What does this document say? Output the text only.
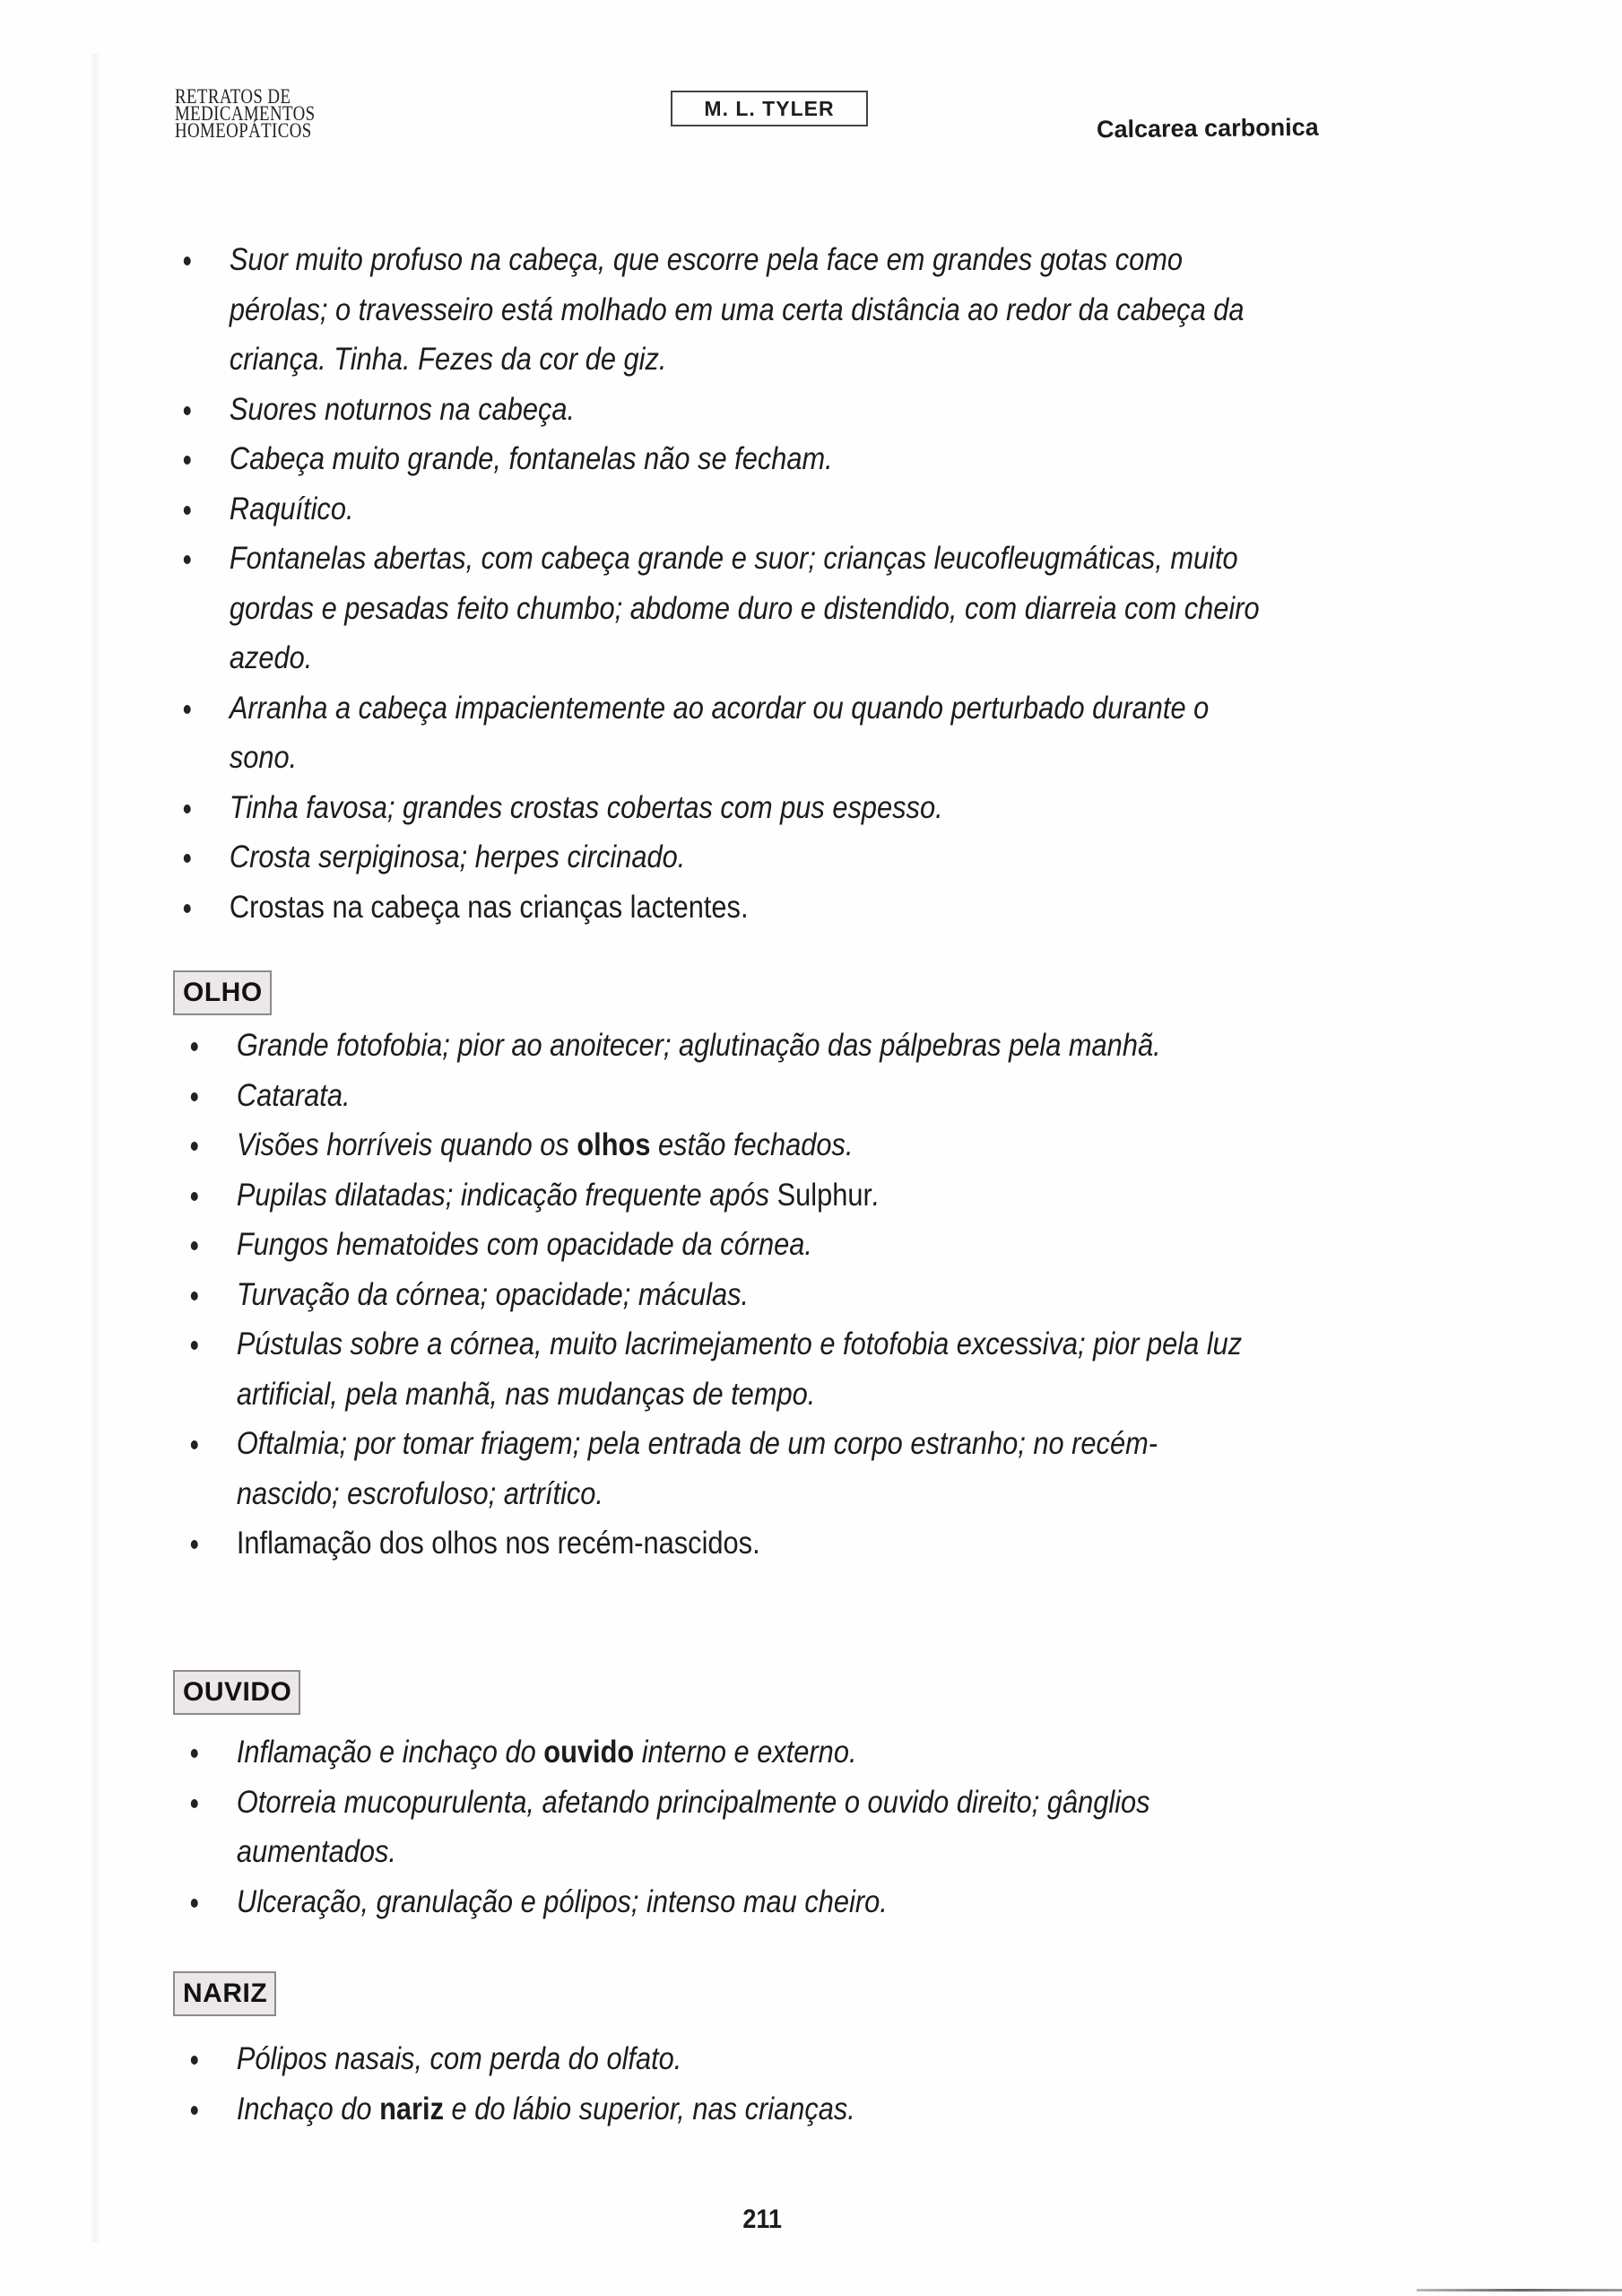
RETRATOS DE
MEDICAMENTOS
HOMEOPÁTICOS
M. L. TYLER
Calcarea carbonica
Suor muito profuso na cabeça, que escorre pela face em grandes gotas como pérolas; o travesseiro está molhado em uma certa distância ao redor da cabeça da criança. Tinha. Fezes da cor de giz.
Suores noturnos na cabeça.
Cabeça muito grande, fontanelas não se fecham.
Raquítico.
Fontanelas abertas, com cabeça grande e suor; crianças leucofleugmáticas, muito gordas e pesadas feito chumbo; abdome duro e distendido, com diarreia com cheiro azedo.
Arranha a cabeça impacientemente ao acordar ou quando perturbado durante o sono.
Tinha favosa; grandes crostas cobertas com pus espesso.
Crosta serpiginosa; herpes circinado.
Crostas na cabeça nas crianças lactentes.
OLHO
Grande fotofobia; pior ao anoitecer; aglutinação das pálpebras pela manhã.
Catarata.
Visões horríveis quando os olhos estão fechados.
Pupilas dilatadas; indicação frequente após Sulphur.
Fungos hematoides com opacidade da córnea.
Turvação da córnea; opacidade; máculas.
Pústulas sobre a córnea, muito lacrimejamento e fotofobia excessiva; pior pela luz artificial, pela manhã, nas mudanças de tempo.
Oftalmia; por tomar friagem; pela entrada de um corpo estranho; no recém-nascido; escrofuloso; artrítico.
Inflamação dos olhos nos recém-nascidos.
OUVIDO
Inflamação e inchaço do ouvido interno e externo.
Otorreia mucopurulenta, afetando principalmente o ouvido direito; gânglios aumentados.
Ulceração, granulação e pólipos; intenso mau cheiro.
NARIZ
Pólipos nasais, com perda do olfato.
Inchaço do nariz e do lábio superior, nas crianças.
211
